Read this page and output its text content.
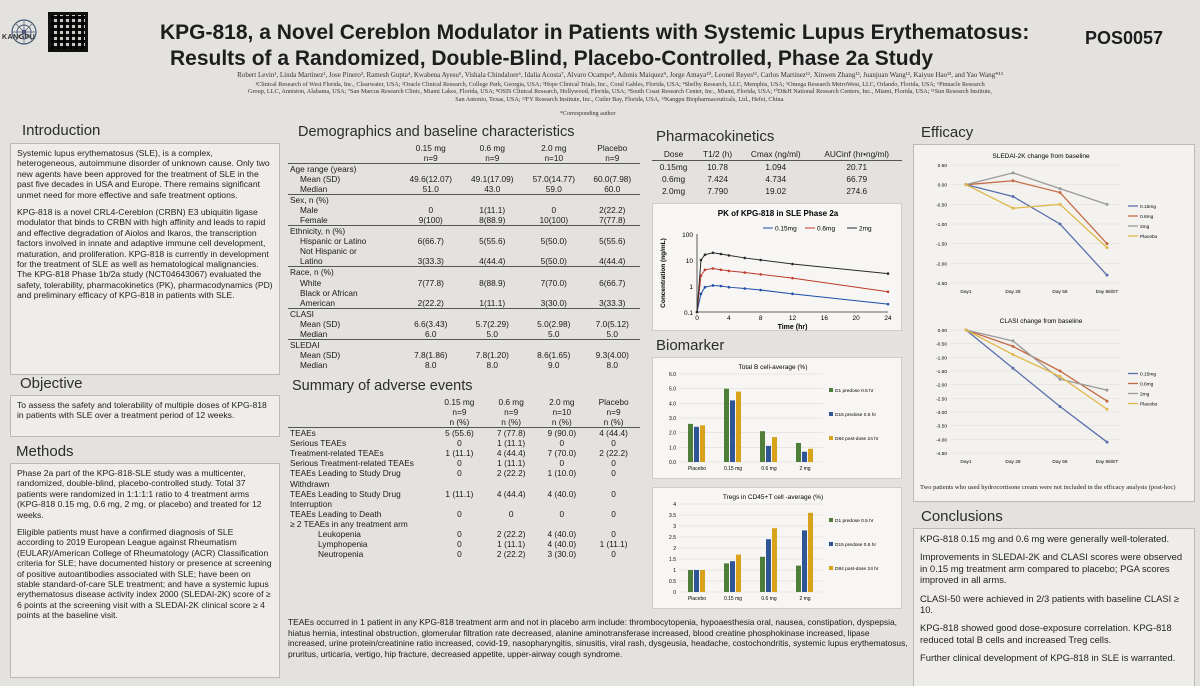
KANGPU	KPG-818, a Novel Cereblon Modulator in Patients with Systemic Lupus Erythematosus:
Results of a Randomized, Double-Blind, Placebo-Controlled, Phase 2a Study
POS0057
Robert Levin¹, Linda Martinez², Jose Pinero³, Ramesh Gupta⁴, Kwabena Ayesu⁵, Vishala Chindalore⁶, Idalia Acosta⁷, Alvaro Ocampo⁸, Adonis Maiquez⁹, Jorge Amaya¹⁰, Leonel Reyes¹¹, Carlos Martinez¹², Xinwen Zhang¹³, Juanjuan Wang¹³, Kaiyue Hao¹³, and Yao Wang*¹³
¹Clinical Research of West Florida, Inc., Clearwater, USA; ²Oracle Clinical Research, College Park, Georgia, USA; ³Hope Clinical Trials, Inc., Coral Gables, Florida, USA; ⁴Shelby Research, LLC, Memphis, USA; ⁵Omega Research MetroWest, LLC, Orlando, Florida, USA; ⁶Pinnacle Research
Group, LLC, Anniston, Alabama, USA; ⁷San Marcus Research Clinic, Miami Lakes, Florida, USA; ⁸OSIS Clinical Research, Hollywood, Florida, USA; ⁹South Coast Research Center, Inc., Miami, Florida, USA; ¹⁰D&H National Research Centers, Inc., Miami, Florida, USA; ¹¹Sun Research Institute,
San Antonio, Texas, USA; ¹²FY Research Institute, Inc., Cutler Bay, Florida, USA, ¹³Kangpu Biopharmaceuticals, Ltd., Hefei, China.
*Corresponding author
Introduction

Systemic lupus erythematosus (SLE), is a complex, heterogeneous, autoimmune disorder of unknown cause. Only two new agents have been approved for the treatment of SLE in the past five decades in USA and Europe. There remains significant unmet need for more effective and safe treatment options.

KPG-818 is a novel CRL4-Cereblon (CRBN) E3 ubiquitin ligase modulator that binds to CRBN with high affinity and leads to rapid and effective degradation of Aiolos and Ikaros, the transcription factors involved in innate and adaptive immune cell development, maturation, and proliferation. KPG-818 is currently in development for the treatment of SLE as well as hematological malignancies. The KPG-818 Phase 1b/2a study (NCT04643067) evaluated the safety, tolerability, pharmacokinetics (PK), pharmacodynamics (PD) and preliminary efficacy of KPG-818 in patients with SLE.

Objective

To assess the safety and tolerability of multiple doses of KPG-818 in patients with SLE over a treatment period of 12 weeks.

Methods

Phase 2a part of the KPG-818-SLE study was a multicenter, randomized, double-blind, placebo-controlled study. Total 37 patients were randomized in 1:1:1:1 ratio to 4 treatment arms (KPG-818 0.15 mg, 0.6 mg, 2 mg, or placebo) and treated for 12 weeks.

Eligible patients must have a confirmed diagnosis of SLE according to 2019 European League against Rheumatism (EULAR)/American College of Rheumatology (ACR) Classification criteria for SLE; have documented history or presence at screening of positive autoantibodies associated with SLE; have been on stable standard-of-care SLE treatment; and have a systemic lupus erythematosus disease activity index 2000 (SLEDAI-2K) score of ≥ 6 points at the screening visit with a SLEDAI-2K clinical score ≥ 4 points at the baseline visit.

Demographics and baseline characteristics
	0.15 mg	0.6 mg	2.0 mg	Placebo
	n=9	n=9	n=10	n=9
Age range (years)				
Mean (SD)	49.6(12.07)	49.1(17.09)	57.0(14.77)	60.0(7.98)
Median	51.0	43.0	59.0	60.0
Sex, n (%)				
Male	0	1(11.1)	0	2(22.2)
Female	9(100)	8(88.9)	10(100)	7(77.8)
Ethnicity, n (%)				
Hispanic or Latino	6(66.7)	5(55.6)	5(50.0)	5(55.6)
Not Hispanic or				
Latino	3(33.3)	4(44.4)	5(50.0)	4(44.4)
Race, n (%)				
White	7(77.8)	8(88.9)	7(70.0)	6(66.7)
Black or African				
American	2(22.2)	1(11.1)	3(30.0)	3(33.3)
CLASI				
Mean (SD)	6.6(3.43)	5.7(2.29)	5.0(2.98)	7.0(5.12)
Median	6.0	5.0	5.0	5.0
SLEDAI				
Mean (SD)	7.8(1.86)	7.8(1.20)	8.6(1.65)	9.3(4.00)
Median	8.0	8.0	9.0	8.0
Summary of adverse events
	0.15 mg	0.6 mg	2.0 mg	Placebo
	n=9	n=9	n=10	n=9
	n (%)	n (%)	n (%)	n (%)
TEAEs	5 (55.6)	7 (77.8)	9 (90.0)	4 (44.4)
Serious TEAEs	0	1 (11.1)	0	0
Treatment-related TEAEs	1 (11.1)	4 (44.4)	7 (70.0)	2 (22.2)
Serious Treatment-related TEAEs	0	1 (11.1)	0	0
TEAEs Leading to Study Drug	0	2 (22.2)	1 (10.0)	0
Withdrawn				
TEAEs Leading to Study Drug	1 (11.1)	4 (44.4)	4 (40.0)	0
Interruption				
TEAEs Leading to Death	0	0	0	0
≥ 2 TEAEs in any treatment arm				
Leukopenia	0	2 (22.2)	4 (40.0)	0
Lymphopenia	0	1 (11.1)	4 (40.0)	1 (11.1)
Neutropenia	0	2 (22.2)	3 (30.0)	0
TEAEs occurred in 1 patient in any KPG-818 treatment arm and not in placebo arm include: thrombocytopenia, hypoaesthesia oral, nausea, constipation, dyspepsia, hiatus hernia, intestinal obstruction, glomerular filtration rate decreased, alanine aminotransferase increased, blood creatine phosphokinase increased, lipase increased, urine protein/creatinine ratio increased, covid-19, nasopharyngitis, sinusitis, viral rash, dysgeusia, headache, costochondritis, systemic lupus erythematosus, pruritus, urticaria, vertigo, hip fracture, decreased appetite, upper-airway cough syndrome.
Pharmacokinetics
Dose	T1/2 (h)	Cmax (ng/ml)	AUCinf (hr•ng/ml)
0.15mg	10.78	1.094	20.71
0.6mg	7.424	4.734	66.79
2.0mg	7.790	19.02	274.6
PK of KPG-818 in SLE Phase 2a
0.1
1
10
100
0	4	8	12	16	20	24
Time (hr)
Concentration (ng/mL)
0.15mg	0.6mg	2mg
Biomarker
Total B cell-average (%)
0.0
1.0
2.0
3.0
4.0
5.0
6.0
Placebo	0.15 mg	0.6 mg	2 mg
D1 predose 0.5 hr
D15 predose 0.5 hr
D84 post-dose 24 hr
Tregs in CD45+T cell -average (%)
0
0.5
1
1.5
2
2.5
3
3.5
4
Placebo	0.15 mg	0.6 mg	2 mg
D1 predose 0.5 hr
D15 predose 0.5 hr
D84 post-dose 24 hr
Efficacy
SLEDAI-2K change from baseline
0.50
0.00
-0.50
-1.00
-1.50
-2.00
-2.50
Day1	Day 28	Day 56	Day 85/ET
0.15mg
0.6mg
2mg
Placebo

CLASI change from baseline
0.00
-0.50
-1.00
-1.50
-2.00
-2.50
-3.00
-3.50
-4.00
-4.50
Day1	Day 28	Day 56	Day 85/ET
0.15mg
0.6mg
2mg
Placebo
Two patients who used hydrocortisone cream were not included in the efficacy analysis (post-hoc)
Conclusions

KPG-818 0.15 mg and 0.6 mg were generally well-tolerated.

Improvements in SLEDAI-2K and CLASI scores were observed in 0.15 mg treatment arm compared to placebo; PGA scores improved in all arms.

CLASI-50 were achieved in 2/3 patients with baseline CLASI ≥ 10.

KPG-818 showed good dose-exposure correlation. KPG-818 reduced total B cells and increased Treg cells.

Further clinical development of KPG-818 in SLE is warranted.
